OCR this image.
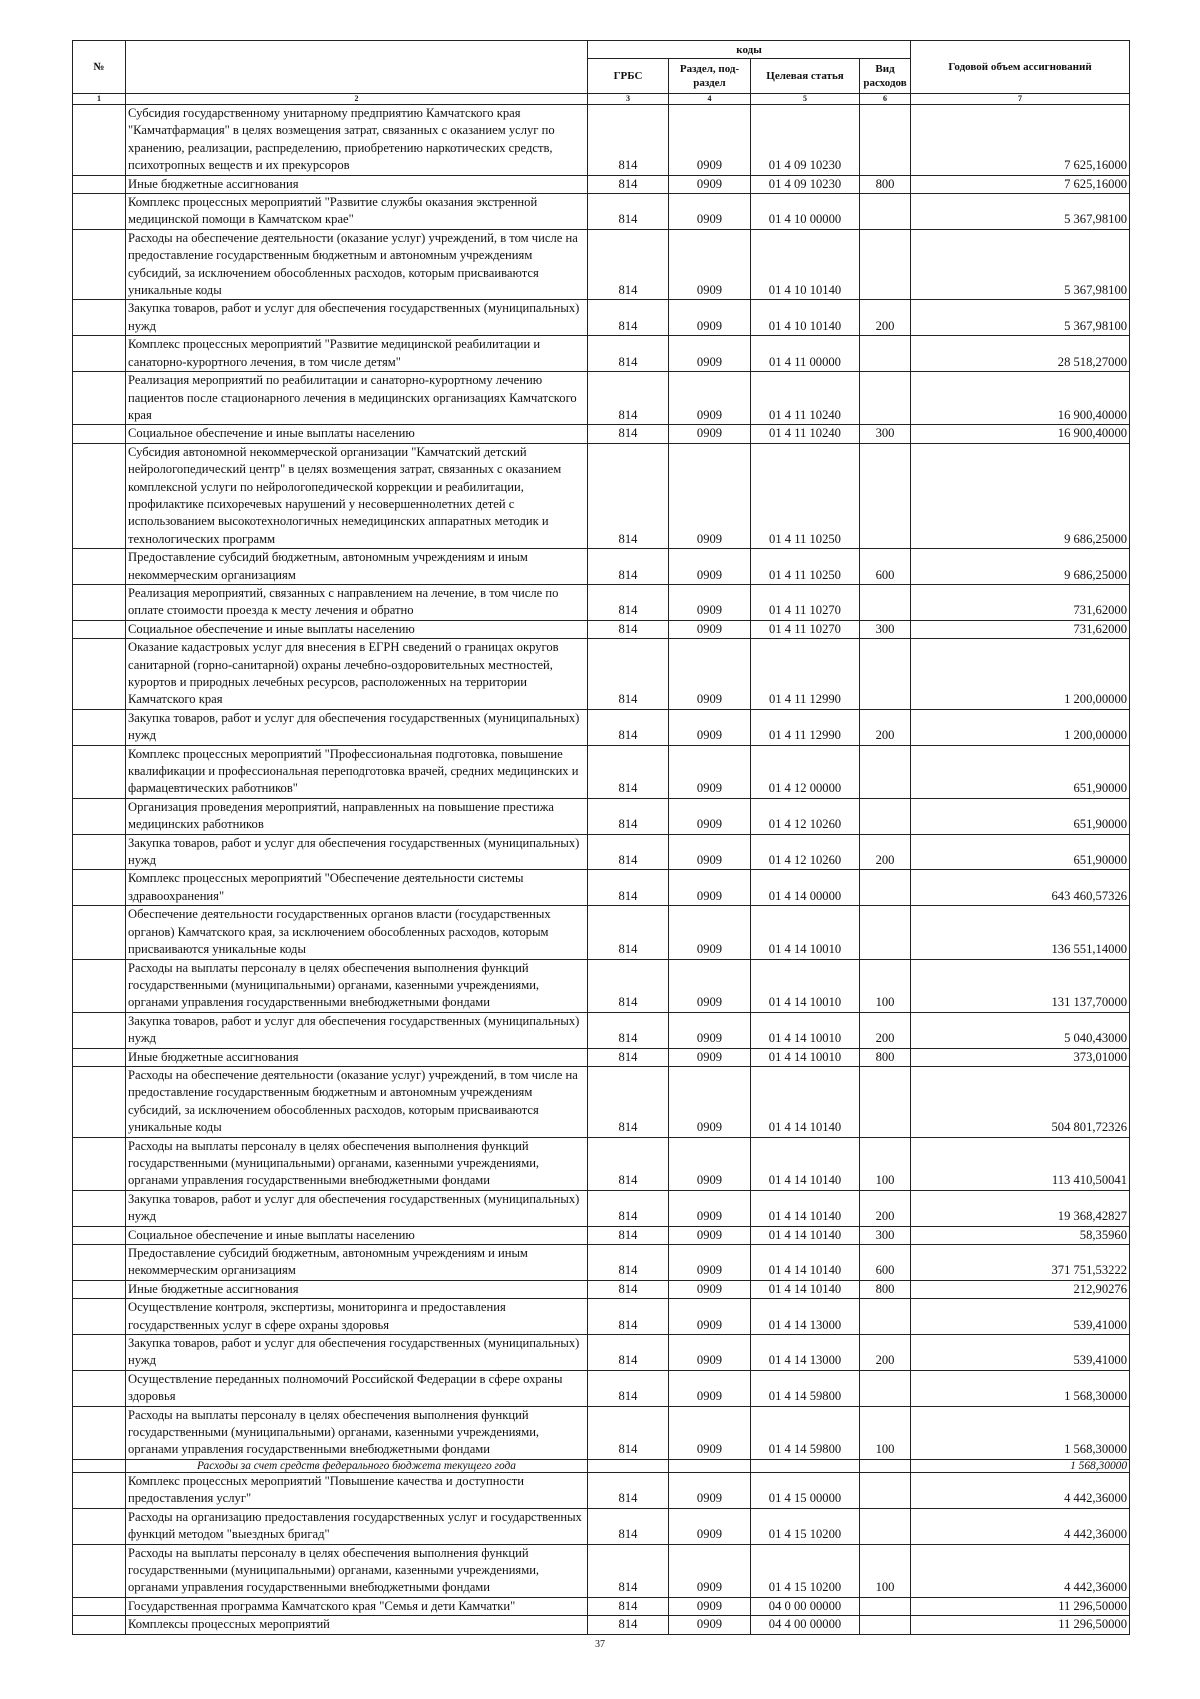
№		коды				Годовой объем ассигнований
		ГРБС	Раздел, под-раздел	Целевая статья	Вид расходов	
1	2	3	4	5	6	7
	Субсидия государственному унитарному предприятию Камчатского края "Камчатфармация" в целях возмещения затрат, связанных с оказанием услуг по хранению, реализации, распределению, приобретению наркотических средств, психотропных веществ и их прекурсоров	814	0909	01 4 09 10230		7 625,16000
	Иные бюджетные ассигнования	814	0909	01 4 09 10230	800	7 625,16000
	Комплекс процессных мероприятий "Развитие службы оказания экстренной медицинской помощи в Камчатском крае"	814	0909	01 4 10 00000		5 367,98100
	Расходы на обеспечение деятельности (оказание услуг) учреждений, в том числе на предоставление государственным бюджетным и автономным учреждениям субсидий, за исключением обособленных расходов, которым присваиваются уникальные коды	814	0909	01 4 10 10140		5 367,98100
	Закупка товаров, работ и услуг для обеспечения государственных (муниципальных) нужд	814	0909	01 4 10 10140	200	5 367,98100
	Комплекс процессных мероприятий "Развитие медицинской реабилитации и санаторно-курортного лечения, в том числе детям"	814	0909	01 4 11 00000		28 518,27000
	Реализация мероприятий по реабилитации и санаторно-курортному лечению пациентов после стационарного лечения в медицинских организациях Камчатского края	814	0909	01 4 11 10240		16 900,40000
	Социальное обеспечение и иные выплаты населению	814	0909	01 4 11 10240	300	16 900,40000
	Субсидия автономной некоммерческой организации "Камчатский детский нейрологопедический центр" в целях возмещения затрат, связанных с оказанием комплексной услуги по нейрологопедической коррекции и реабилитации, профилактике психоречевых нарушений у несовершеннолетних детей с использованием высокотехнологичных немедицинских аппаратных методик и технологических программ	814	0909	01 4 11 10250		9 686,25000
	Предоставление субсидий бюджетным, автономным учреждениям и иным некоммерческим организациям	814	0909	01 4 11 10250	600	9 686,25000
	Реализация мероприятий, связанных с направлением на лечение, в том числе по оплате стоимости проезда к месту лечения и обратно	814	0909	01 4 11 10270		731,62000
	Социальное обеспечение и иные выплаты населению	814	0909	01 4 11 10270	300	731,62000
	Оказание кадастровых услуг для внесения в ЕГРН сведений о границах округов санитарной (горно-санитарной) охраны лечебно-оздоровительных местностей, курортов и природных лечебных ресурсов, расположенных на территории Камчатского края	814	0909	01 4 11 12990		1 200,00000
	Закупка товаров, работ и услуг для обеспечения государственных (муниципальных) нужд	814	0909	01 4 11 12990	200	1 200,00000
	Комплекс процессных мероприятий "Профессиональная подготовка, повышение квалификации и профессиональная переподготовка врачей, средних медицинских и фармацевтических работников"	814	0909	01 4 12 00000		651,90000
	Организация проведения мероприятий, направленных на повышение престижа медицинских работников	814	0909	01 4 12 10260		651,90000
	Закупка товаров, работ и услуг для обеспечения государственных (муниципальных) нужд	814	0909	01 4 12 10260	200	651,90000
	Комплекс процессных мероприятий "Обеспечение деятельности системы здравоохранения"	814	0909	01 4 14 00000		643 460,57326
	Обеспечение деятельности государственных органов власти (государственных органов) Камчатского края, за исключением обособленных расходов, которым присваиваются уникальные коды	814	0909	01 4 14 10010		136 551,14000
	Расходы на выплаты персоналу в целях обеспечения выполнения функций государственными (муниципальными) органами, казенными учреждениями, органами управления государственными внебюджетными фондами	814	0909	01 4 14 10010	100	131 137,70000
	Закупка товаров, работ и услуг для обеспечения государственных (муниципальных) нужд	814	0909	01 4 14 10010	200	5 040,43000
	Иные бюджетные ассигнования	814	0909	01 4 14 10010	800	373,01000
	Расходы на обеспечение деятельности (оказание услуг) учреждений, в том числе на предоставление государственным бюджетным и автономным учреждениям субсидий, за исключением обособленных расходов, которым присваиваются уникальные коды	814	0909	01 4 14 10140		504 801,72326
	Расходы на выплаты персоналу в целях обеспечения выполнения функций государственными (муниципальными) органами, казенными учреждениями, органами управления государственными внебюджетными фондами	814	0909	01 4 14 10140	100	113 410,50041
	Закупка товаров, работ и услуг для обеспечения государственных (муниципальных) нужд	814	0909	01 4 14 10140	200	19 368,42827
	Социальное обеспечение и иные выплаты населению	814	0909	01 4 14 10140	300	58,35960
	Предоставление субсидий бюджетным, автономным учреждениям и иным некоммерческим организациям	814	0909	01 4 14 10140	600	371 751,53222
	Иные бюджетные ассигнования	814	0909	01 4 14 10140	800	212,90276
	Осуществление контроля, экспертизы, мониторинга и предоставления государственных услуг в сфере охраны здоровья	814	0909	01 4 14 13000		539,41000
	Закупка товаров, работ и услуг для обеспечения государственных (муниципальных) нужд	814	0909	01 4 14 13000	200	539,41000
	Осуществление переданных полномочий Российской Федерации в сфере охраны здоровья	814	0909	01 4 14 59800		1 568,30000
	Расходы на выплаты персоналу в целях обеспечения выполнения функций государственными (муниципальными) органами, казенными учреждениями, органами управления государственными внебюджетными фондами	814	0909	01 4 14 59800	100	1 568,30000
	Расходы за счет средств федерального бюджета текущего года					1 568,30000
	Комплекс процессных мероприятий "Повышение качества и доступности предоставления услуг"	814	0909	01 4 15 00000		4 442,36000
	Расходы на организацию предоставления государственных услуг и государственных функций методом "выездных бригад"	814	0909	01 4 15 10200		4 442,36000
	Расходы на выплаты персоналу в целях обеспечения выполнения функций государственными (муниципальными) органами, казенными учреждениями, органами управления государственными внебюджетными фондами	814	0909	01 4 15 10200	100	4 442,36000
	Государственная программа Камчатского края "Семья и дети Камчатки"	814	0909	04 0 00 00000		11 296,50000
	Комплексы процессных мероприятий	814	0909	04 4 00 00000		11 296,50000
37
